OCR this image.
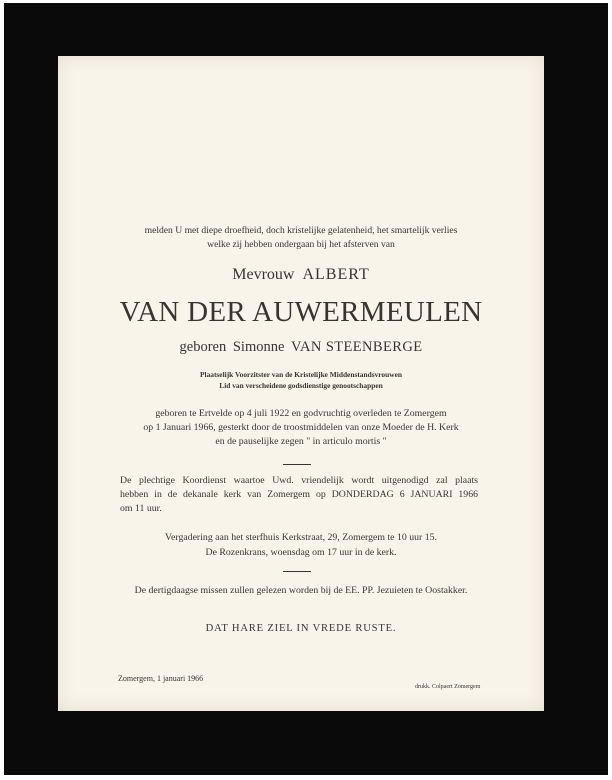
melden U met diepe droefheid, doch kristelijke gelatenheid, het smartelijk verlies
welke zij hebben ondergaan bij het afsterven van
Mevrouw ALBERT
VAN DER AUWERMEULEN
geboren Simonne VAN STEENBERGE
Plaatselijk Voorzitster van de Kristelijke Middenstandsvrouwen
Lid van verscheidene godsdienstige genootschappen
geboren te Ertvelde op 4 juli 1922 en godvruchtig overleden te Zomergem
op 1 Januari 1966, gesterkt door de troostmiddelen van onze Moeder de H. Kerk
en de pauselijke zegen " in articulo mortis "
De plechtige Koordienst waartoe Uwd. vriendelijk wordt uitgenodigd zal plaats
hebben in de dekanale kerk van Zomergem op DONDERDAG 6 JANUARI 1966
om 11 uur.
Vergadering aan het sterfhuis Kerkstraat, 29, Zomergem te 10 uur 15.
De Rozenkrans, woensdag om 17 uur in de kerk.
De dertigdaagse missen zullen gelezen worden bij de EE. PP. Jezuieten te Oostakker.
DAT HARE ZIEL IN VREDE RUSTE.
Zomergem, 1 januari 1966
drukk. Colpaert Zomergem
